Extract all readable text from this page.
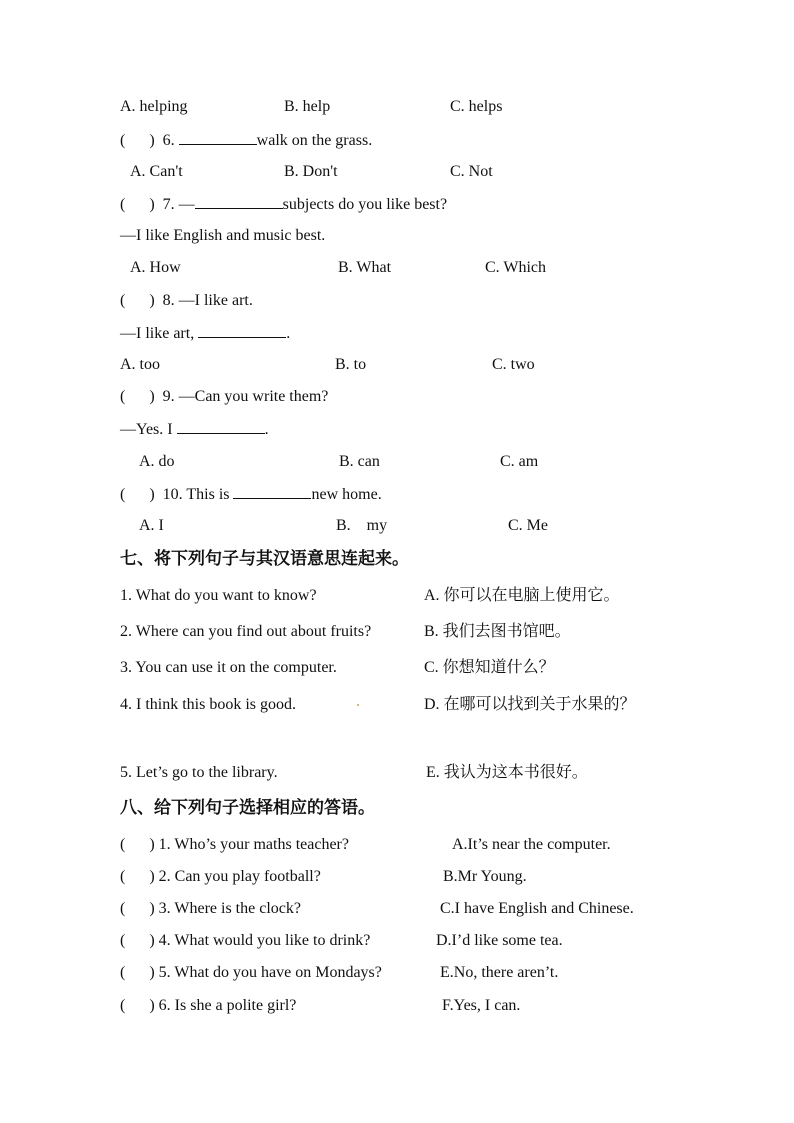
A. helping	B. help	C. helps
(      ) 6.	walk on the grass.
A. Can't	B. Don't	C. Not
(      ) 7. —	subjects do you like best?
—I like English and music best.
A. How	B. What	C. Which
(      ) 8. —I like art.
—I like art,	.
A. too	B. to	C. two
(      ) 9. —Can you write them?
—Yes. I	.
A. do	B. can	C. am
(      ) 10. This is	new home.
A. I	B.    my	C. Me
七、将下列句子与其汉语意思连起来。
1. What do you want to know?	A. 你可以在电脑上使用它。
2. Where can you find out about fruits?	B. 我们去图书馆吧。
3. You can use it on the computer.	C. 你想知道什么？
4. I think this book is good.	D. 在哪可以找到关于水果的？
5. Let’s go to the library.	E. 我认为这本书很好。
八、给下列句子选择相应的答语。
(      ) 1. Who’s your maths teacher?	A.It’s near the computer.
(      ) 2. Can you play football?	B.Mr Young.
(      ) 3. Where is the clock?	C.I have English and Chinese.
(      ) 4. What would you like to drink?	D.I’d like some tea.
(      ) 5. What do you have on Mondays?	E.No, there aren’t.
(      ) 6. Is she a polite girl?	F.Yes, I can.
